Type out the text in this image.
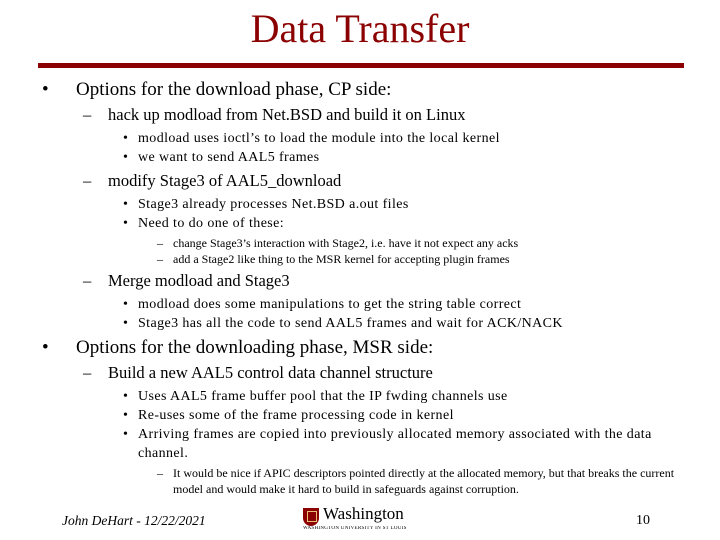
Data Transfer
• Options for the download phase, CP side:
– hack up modload from Net.BSD and build it on Linux
• modload uses ioctl’s to load the module into the local kernel
• we want to send AAL5 frames
– modify Stage3 of AAL5_download
• Stage3 already processes Net.BSD a.out files
• Need to do one of these:
– change Stage3’s interaction with Stage2, i.e. have it not expect any acks
– add a Stage2 like thing to the MSR kernel for accepting plugin frames
– Merge modload and Stage3
• modload does some manipulations to get the string table correct
• Stage3 has all the code to send AAL5 frames and wait for ACK/NACK
• Options for the downloading phase, MSR side:
– Build a new AAL5 control data channel structure
• Uses AAL5 frame buffer pool that the IP fwding channels use
• Re-uses some of the frame processing code in kernel
• Arriving frames are copied into previously allocated memory associated with the data channel.
– It would be nice if APIC descriptors pointed directly at the allocated memory, but that breaks the current model and would make it hard to build in safeguards against corruption.
John DeHart - 12/22/2021	Washington
WASHINGTON UNIVERSITY IN ST LOUIS
10
